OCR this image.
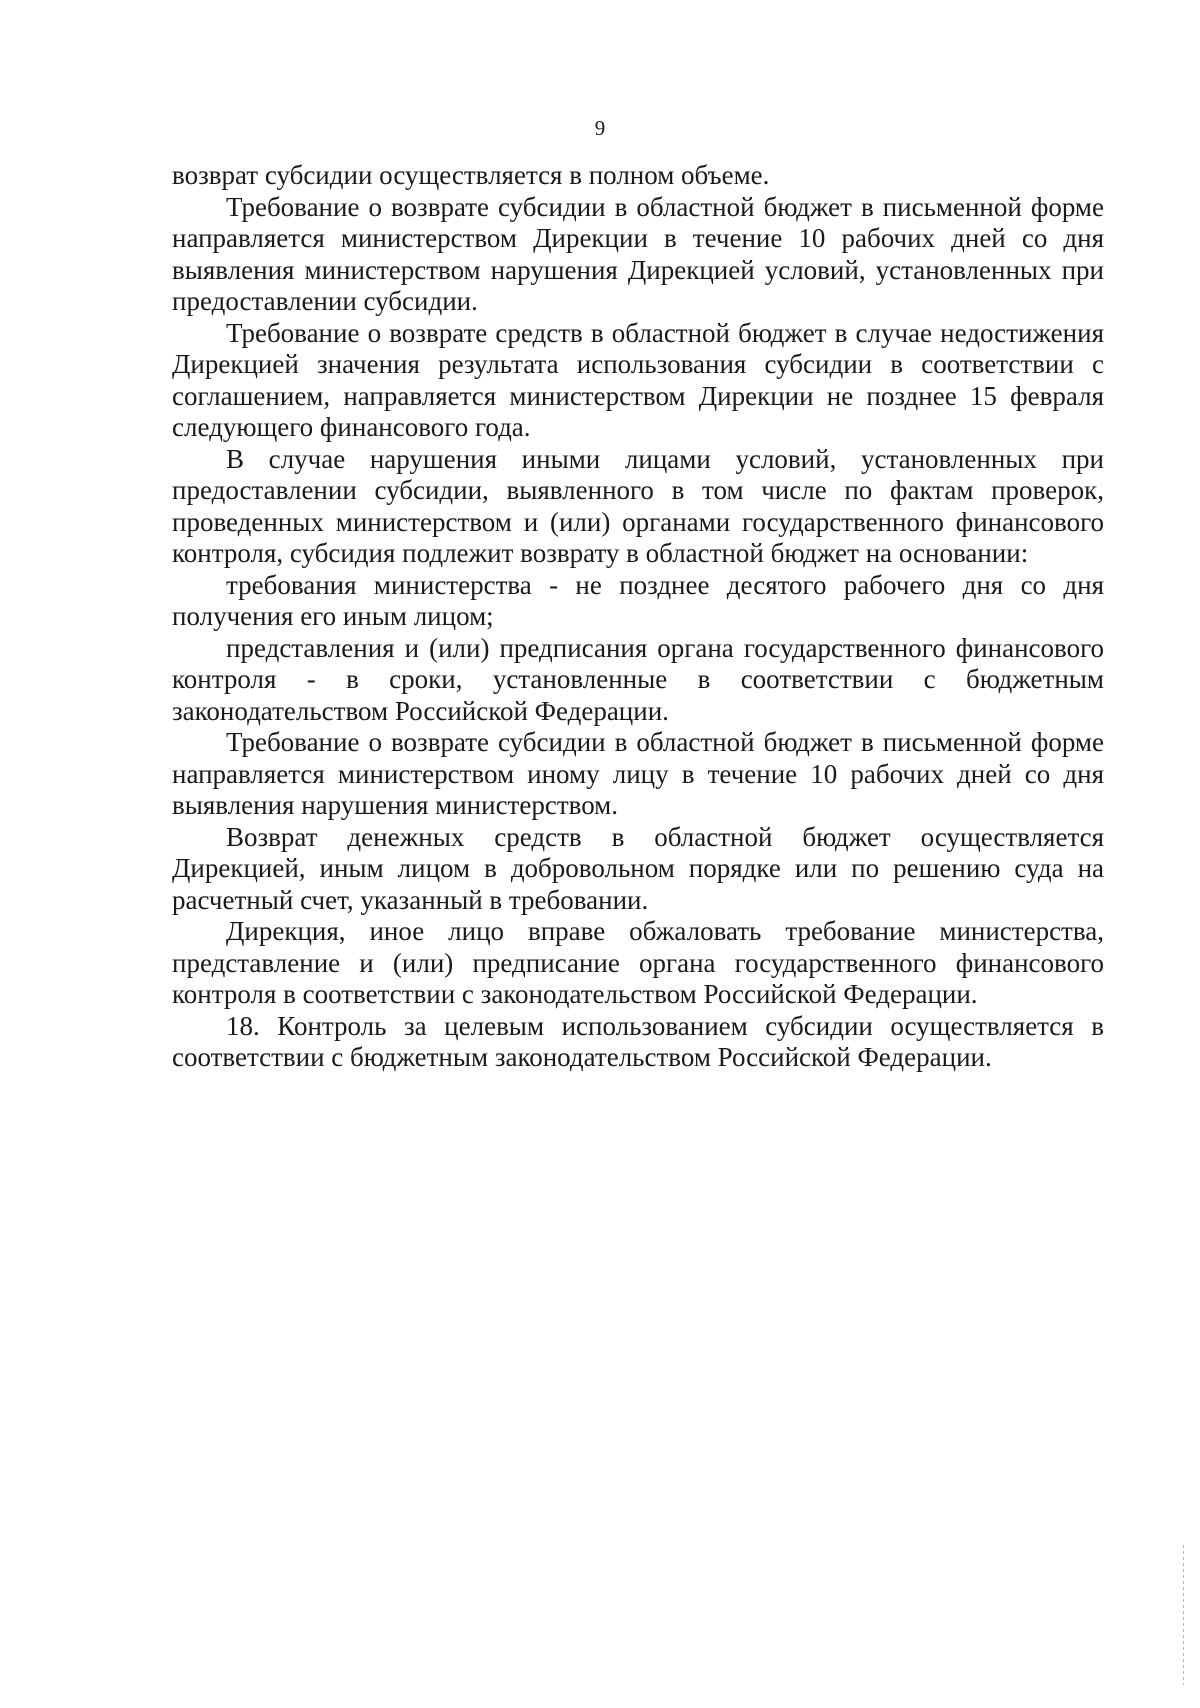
9

возврат субсидии осуществляется в полном объеме.

Требование о возврате субсидии в областной бюджет в письменной форме направляется министерством Дирекции в течение 10 рабочих дней со дня выявления министерством нарушения Дирекцией условий, установленных при предоставлении субсидии.

Требование о возврате средств в областной бюджет в случае недостижения Дирекцией значения результата использования субсидии в соответствии с соглашением, направляется министерством Дирекции не позднее 15 февраля следующего финансового года.

В случае нарушения иными лицами условий, установленных при предоставлении субсидии, выявленного в том числе по фактам проверок, проведенных министерством и (или) органами государственного финансового контроля, субсидия подлежит возврату в областной бюджет на основании:

требования министерства - не позднее десятого рабочего дня со дня получения его иным лицом;

представления и (или) предписания органа государственного финансового контроля - в сроки, установленные в соответствии с бюджетным законодательством Российской Федерации.

Требование о возврате субсидии в областной бюджет в письменной форме направляется министерством иному лицу в течение 10 рабочих дней со дня выявления нарушения министерством.

Возврат денежных средств в областной бюджет осуществляется Дирекцией, иным лицом в добровольном порядке или по решению суда на расчетный счет, указанный в требовании.

Дирекция, иное лицо вправе обжаловать требование министерства, представление и (или) предписание органа государственного финансового контроля в соответствии с законодательством Российской Федерации.

18. Контроль за целевым использованием субсидии осуществляется в соответствии с бюджетным законодательством Российской Федерации.
